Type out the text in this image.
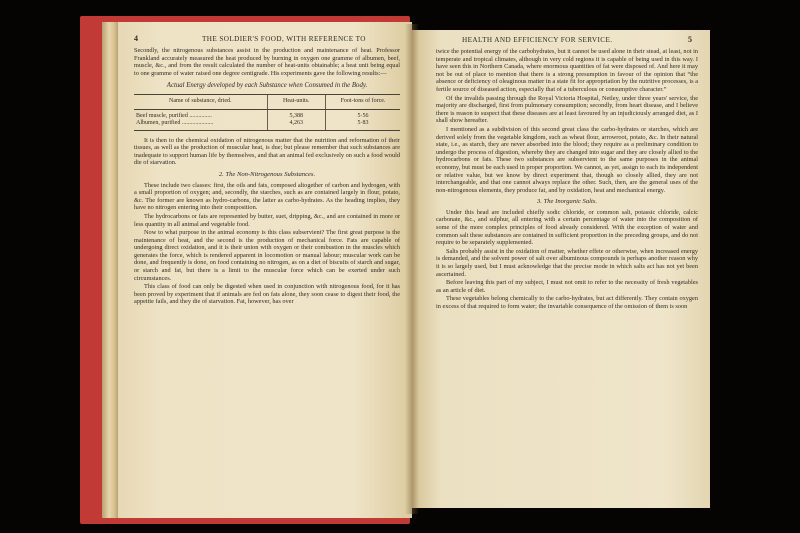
4	THE SOLDIER'S FOOD, WITH REFERENCE TO

Secondly, the nitrogenous substances assist in the production and maintenance of heat. Professor Frankland accurately measured the heat produced by burning in oxygen one gramme of albumen, beef, muscle, &c., and from the result calculated the number of heat-units obtainable; a heat unit being equal to one gramme of water raised one degree centigrade. His experiments gave the following results:—

Actual Energy developed by each Substance when Consumed in the Body.
Name of substance, dried.	Heat-units.	Foot-tons of force.
Beef muscle, purified ...............	5,388	5·56
Albumen, purified .....................	4,263	5·83

It is then to the chemical oxidation of nitrogenous matter that the nutrition and reformation of their tissues, as well as the production of muscular heat, is due; but please remember that such substances are inadequate to support human life by themselves, and that an animal fed exclusively on such a food would die of starvation.

2. The Non-Nitrogenous Substances.

These include two classes: first, the oils and fats, composed altogether of carbon and hydrogen, with a small proportion of oxygen; and, secondly, the starches, such as are contained largely in flour, potato, &c. The former are known as hydro-carbons, the latter as carbo-hydrates. As the heading implies, they have no nitrogen entering into their composition.

The hydrocarbons or fats are represented by butter, suet, dripping, &c., and are contained in more or less quantity in all animal and vegetable food.

Now to what purpose in the animal economy is this class subservient? The first great purpose is the maintenance of heat, and the second is the production of mechanical force. Fats are capable of undergoing direct oxidation, and it is their union with oxygen or their combustion in the muscles which generates the force, which is rendered apparent in locomotion or manual labour; muscular work can be done, and frequently is done, on food containing no nitrogen, as on a diet of biscuits of starch and sugar, or starch and fat, but there is a limit to the muscular force which can be exerted under such circumstances.

This class of food can only be digested when used in conjunction with nitrogenous food, for it has been proved by experiment that if animals are fed on fats alone, they soon cease to digest their food, the appetite fails, and they die of starvation. Fat, however, has over

HEALTH AND EFFICIENCY FOR SERVICE.	5

twice the potential energy of the carbohydrates, but it cannot be used alone in their stead, at least, not in temperate and tropical climates, although in very cold regions it is capable of being used in this way. I have seen this in Northern Canada, where enormous quantities of fat were disposed of. And here it may not be out of place to mention that there is a strong presumption in favour of the opinion that “the absence or deficiency of oleaginous matter in a state fit for appropriation by the nutritive processes, is a fertile source of diseased action, especially that of a tuberculous or consumptive character.”

Of the invalids passing through the Royal Victoria Hospital, Netley, under three years' service, the majority are discharged, first from pulmonary consumption; secondly, from heart disease, and I believe there is reason to suspect that these diseases are at least favoured by an injudiciously arranged diet, as I shall show hereafter.

I mentioned as a subdivision of this second great class the carbo-hydrates or starches, which are derived solely from the vegetable kingdom, such as wheat flour, arrowroot, potato, &c. In their natural state, i.e., as starch, they are never absorbed into the blood; they require as a preliminary condition to undergo the process of digestion, whereby they are changed into sugar and they are closely allied to the hydrocarbons or fats. These two substances are subservient to the same purposes in the animal economy, but must be each used in proper proportion. We cannot, as yet, assign to each its independent or relative value, but we know by direct experiment that, though so closely allied, they are not interchangeable, and that one cannot always replace the other. Such, then, are the general uses of the non-nitrogenous elements, they produce fat, and by oxidation, heat and mechanical energy.

3. The Inorganic Salts.

Under this head are included chiefly sodic chloride, or common salt, potassic chloride, calcic carbonate, &c., and sulphur, all entering with a certain percentage of water into the composition of some of the more complex principles of food already considered. With the exception of water and common salt these substances are contained in sufficient proportion in the preceding groups, and do not require to be separately supplemented.

Salts probably assist in the oxidation of matter, whether effete or otherwise, when increased energy is demanded, and the solvent power of salt over albuminous compounds is perhaps another reason why it is so largely used, but I must acknowledge that the precise mode in which salts act has not yet been ascertained.

Before leaving this part of my subject, I must not omit to refer to the necessity of fresh vegetables as an article of diet.

These vegetables belong chemically to the carbo-hydrates, but act differently. They contain oxygen in excess of that required to form water; the invariable consequence of the omission of them is soon
